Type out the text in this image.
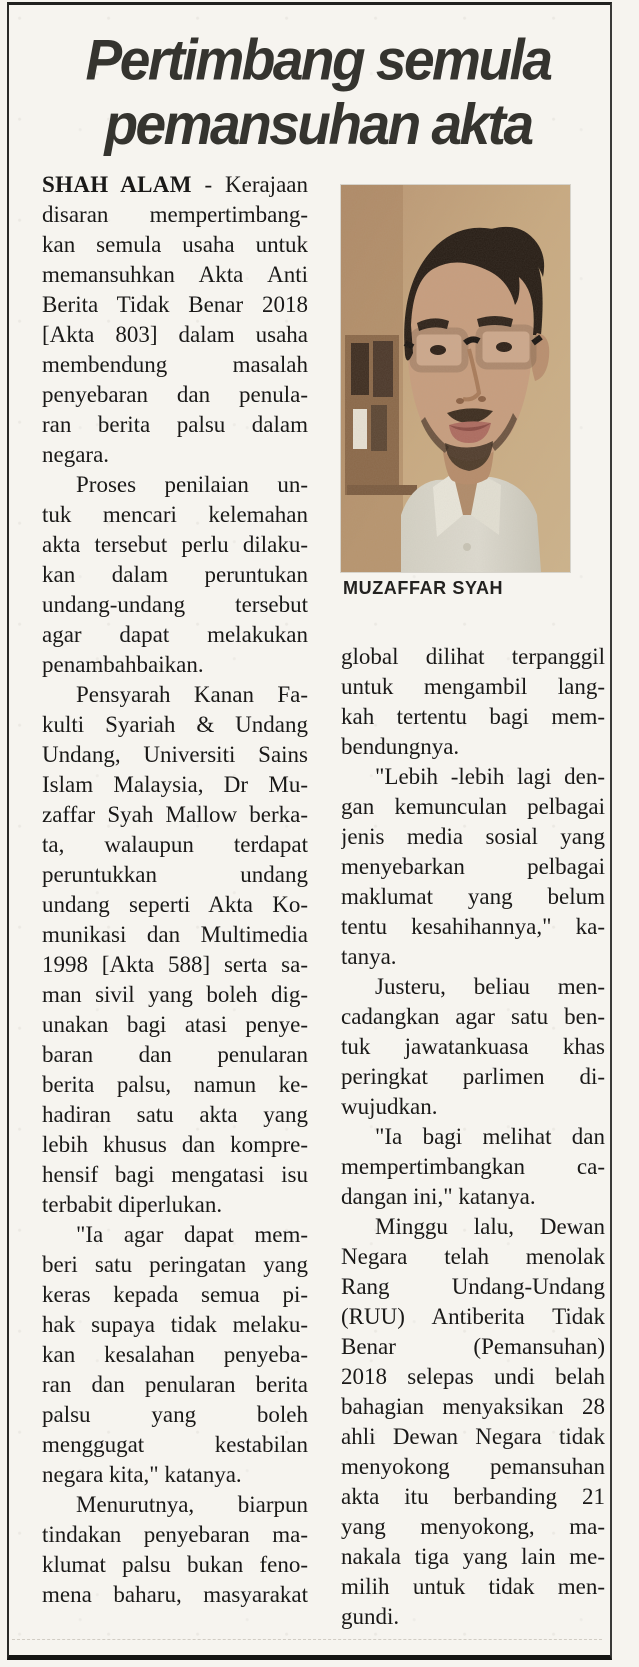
Pertimbang semula
pemansuhan akta
SHAH ALAM - Kerajaan
disaran mempertimbang-
kan semula usaha untuk
memansuhkan Akta Anti
Berita Tidak Benar 2018
[Akta 803] dalam usaha
membendung masalah
penyebaran dan penula-
ran berita palsu dalam
negara.
Proses penilaian un-
tuk mencari kelemahan
akta tersebut perlu dilaku-
kan dalam peruntukan
undang-undang tersebut
agar dapat melakukan
penambahbaikan.
Pensyarah Kanan Fa-
kulti Syariah & Undang
Undang, Universiti Sains
Islam Malaysia, Dr Mu-
zaffar Syah Mallow berka-
ta, walaupun terdapat
peruntukkan undang
undang seperti Akta Ko-
munikasi dan Multimedia
1998 [Akta 588] serta sa-
man sivil yang boleh dig-
unakan bagi atasi penye-
baran dan penularan
berita palsu, namun ke-
hadiran satu akta yang
lebih khusus dan kompre-
hensif bagi mengatasi isu
terbabit diperlukan.
"Ia agar dapat mem-
beri satu peringatan yang
keras kepada semua pi-
hak supaya tidak melaku-
kan kesalahan penyeba-
ran dan penularan berita
palsu yang boleh
menggugat kestabilan
negara kita," katanya.
Menurutnya, biarpun
tindakan penyebaran ma-
klumat palsu bukan feno-
mena baharu, masyarakat
MUZAFFAR SYAH
global dilihat terpanggil
untuk mengambil lang-
kah tertentu bagi mem-
bendungnya.
"Lebih -lebih lagi den-
gan kemunculan pelbagai
jenis media sosial yang
menyebarkan pelbagai
maklumat yang belum
tentu kesahihannya," ka-
tanya.
Justeru, beliau men-
cadangkan agar satu ben-
tuk jawatankuasa khas
peringkat parlimen di-
wujudkan.
"Ia bagi melihat dan
mempertimbangkan ca-
dangan ini," katanya.
Minggu lalu, Dewan
Negara telah menolak
Rang Undang-Undang
(RUU) Antiberita Tidak
Benar (Pemansuhan)
2018 selepas undi belah
bahagian menyaksikan 28
ahli Dewan Negara tidak
menyokong pemansuhan
akta itu berbanding 21
yang menyokong, ma-
nakala tiga yang lain me-
milih untuk tidak men-
gundi.
